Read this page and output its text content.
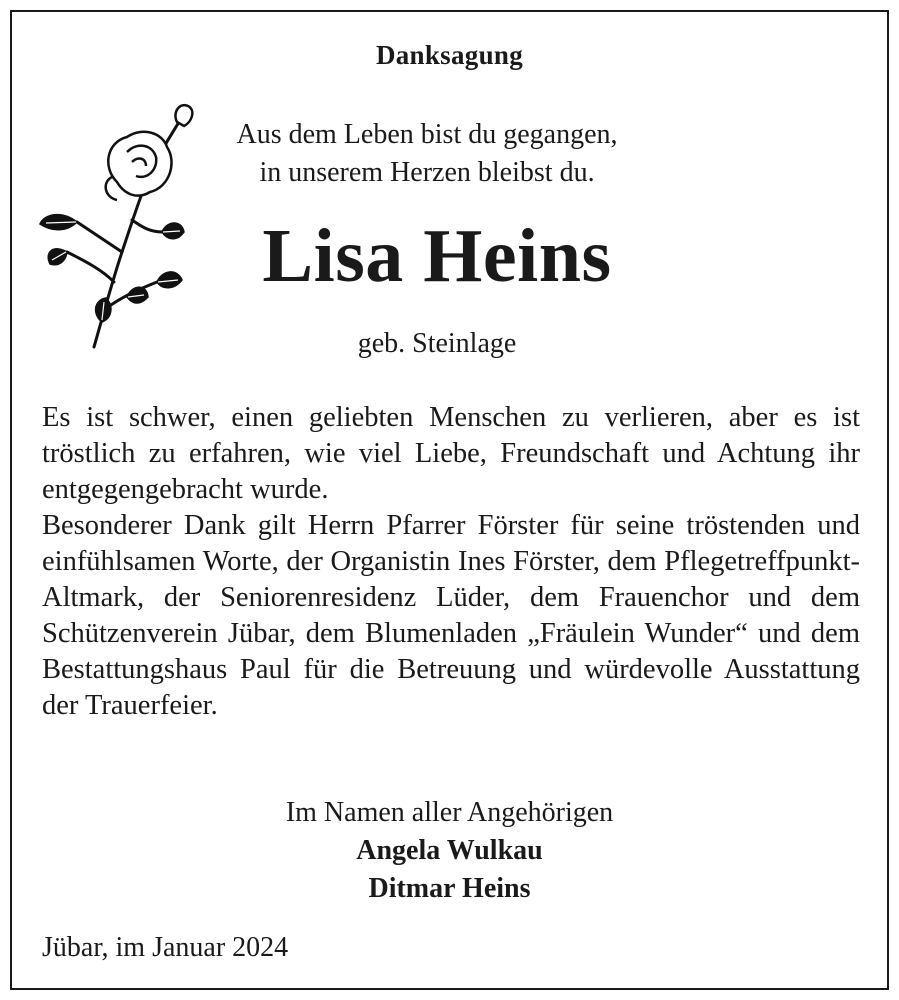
Danksagung
Aus dem Leben bist du gegangen,
in unserem Herzen bleibst du.
Lisa Heins
geb. Steinlage

Es ist schwer, einen geliebten Menschen zu verlieren, aber es ist tröstlich zu erfahren, wie viel Liebe, Freundschaft und Achtung ihr entgegengebracht wurde.

Besonderer Dank gilt Herrn Pfarrer Förster für seine tröstenden und einfühlsamen Worte, der Organistin Ines Förster, dem Pflegetreffpunkt-Altmark, der Seniorenresidenz Lüder, dem Frauenchor und dem Schützenverein Jübar, dem Blumenladen „Fräulein Wunder“ und dem Bestattungshaus Paul für die Betreuung und würdevolle Ausstattung der Trauerfeier.

Im Namen aller Angehörigen
Angela Wulkau
Ditmar Heins
Jübar, im Januar 2024
